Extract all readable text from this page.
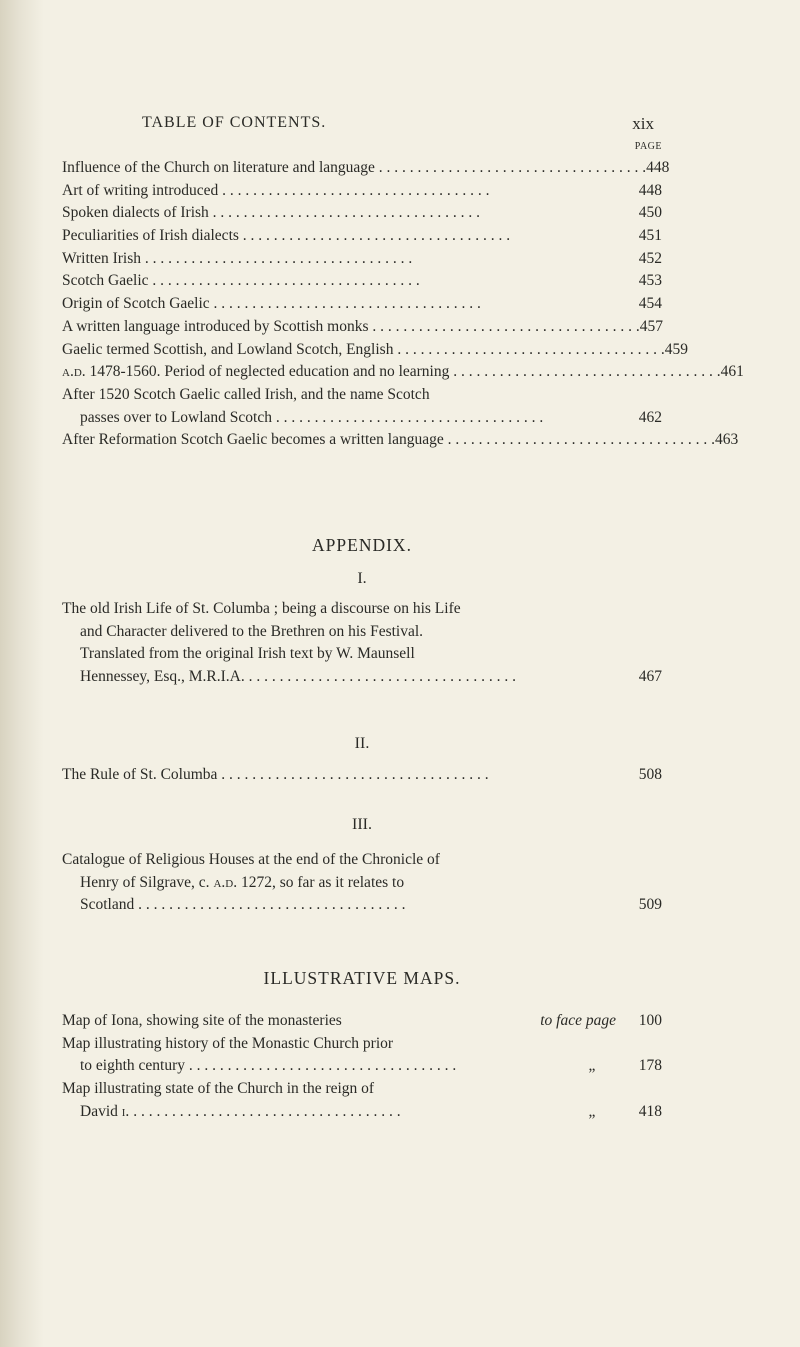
TABLE OF CONTENTS.	xix
PAGE
Influence of the Church on literature and language . . . . . . . . . . . . . . . . . . . . . . . . . . . . . . . . . . . 448
Art of writing introduced . . . . . . . . . . . . . . . . . . . . . . . . . . . . . . . . . . .	448
Spoken dialects of Irish . . . . . . . . . . . . . . . . . . . . . . . . . . . . . . . . . . .	450
Peculiarities of Irish dialects . . . . . . . . . . . . . . . . . . . . . . . . . . . . . . . . . . .	451
Written Irish . . . . . . . . . . . . . . . . . . . . . . . . . . . . . . . . . . .	452
Scotch Gaelic . . . . . . . . . . . . . . . . . . . . . . . . . . . . . . . . . . .	453
Origin of Scotch Gaelic . . . . . . . . . . . . . . . . . . . . . . . . . . . . . . . . . . .	454
A written language introduced by Scottish monks . . . . . . . . . . . . . . . . . . . . . . . . . . . . . . . . . . . 457
Gaelic termed Scottish, and Lowland Scotch, English . . . . . . . . . . . . . . . . . . . . . . . . . . . . . . . . . . . 459
a.d. 1478-1560. Period of neglected education and no learning . . . . . . . . . . . . . . . . . . . . . . . . . . . . . . . . . . . 461
After 1520 Scotch Gaelic called Irish, and the name Scotch
passes over to Lowland Scotch . . . . . . . . . . . . . . . . . . . . . . . . . . . . . . . . . . .	462
After Reformation Scotch Gaelic becomes a written language . . . . . . . . . . . . . . . . . . . . . . . . . . . . . . . . . . . 463
APPENDIX.
I.
The old Irish Life of St. Columba ; being a discourse on his Life
and Character delivered to the Brethren on his Festival.
Translated from the original Irish text by W. Maunsell
Hennessey, Esq., M.R.I.A. . . . . . . . . . . . . . . . . . . . . . . . . . . . . . . . . . . .	467
II.
The Rule of St. Columba . . . . . . . . . . . . . . . . . . . . . . . . . . . . . . . . . . .	508
III.
Catalogue of Religious Houses at the end of the Chronicle of
Henry of Silgrave, c. a.d. 1272, so far as it relates to
Scotland . . . . . . . . . . . . . . . . . . . . . . . . . . . . . . . . . . .	509
ILLUSTRATIVE MAPS.
Map of Iona, showing site of the monasteries	to face page	100
Map illustrating history of the Monastic Church prior
to eighth century . . . . . . . . . . . . . . . . . . . . . . . . . . . . . . . . . . .	„	178
Map illustrating state of the Church in the reign of
David i. . . . . . . . . . . . . . . . . . . . . . . . . . . . . . . . . . . .	„	418
